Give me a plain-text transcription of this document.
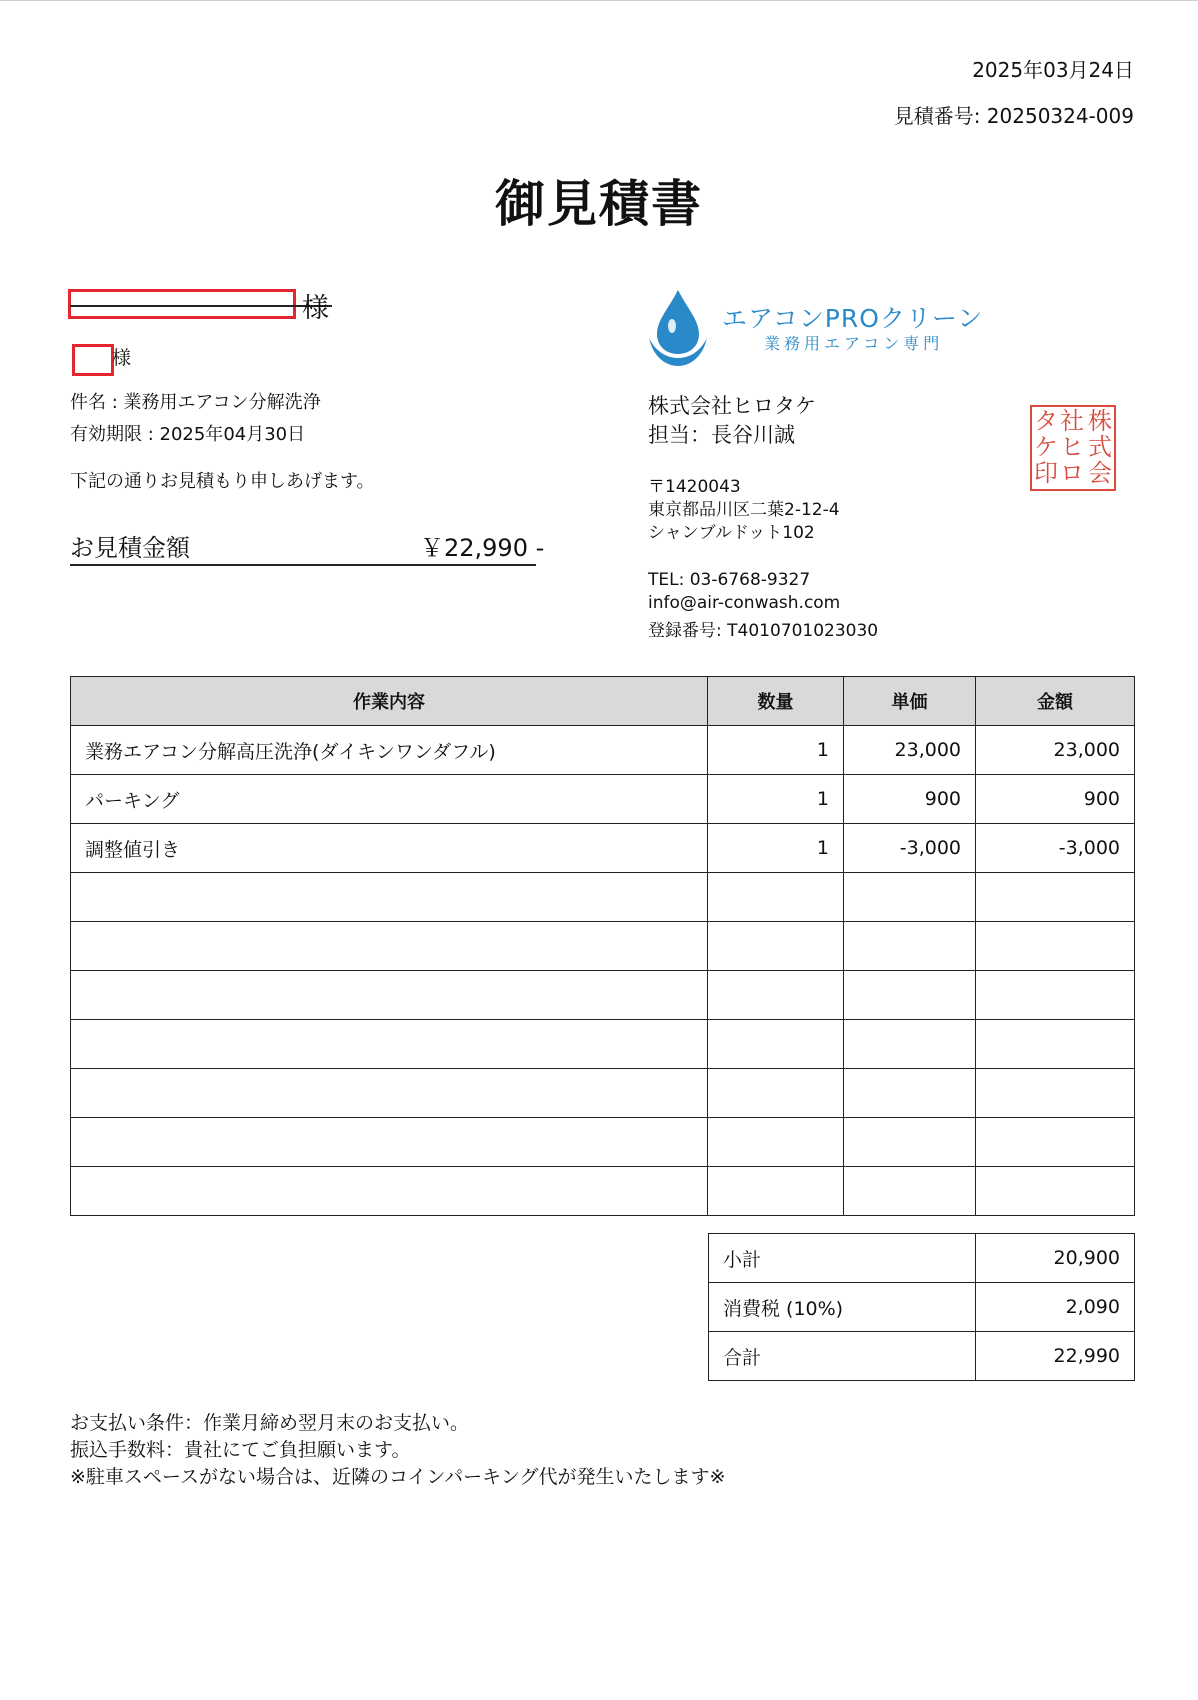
2025年03月24日
見積番号: 20250324-009
御見積書
様
様
件名 : 業務用エアコン分解洗浄
有効期限 : 2025年04月30日
下記の通りお見積もり申しあげます。
お見積金額	￥22,990 -
エアコンPROクリーン
業務用エアコン専門
株式会社ヒロタケ
担当：長谷川誠
〒1420043
東京都品川区二葉2-12-4
シャンブルドット102
TEL: 03-6768-9327
info@air-conwash.com
登録番号: T4010701023030
株
式
会
社
ヒ
ロ
タ
ケ
印
作業内容	数量	単価	金額
業務エアコン分解高圧洗浄(ダイキンワンダフル)	1	23,000	23,000
パーキング	1	900	900
調整値引き	1	-3,000	-3,000

小計	20,900
消費税 (10%)	2,090
合計	22,990
お支払い条件：作業月締め翌月末のお支払い。
振込手数料：貴社にてご負担願います。
※駐車スペースがない場合は、近隣のコインパーキング代が発生いたします※
